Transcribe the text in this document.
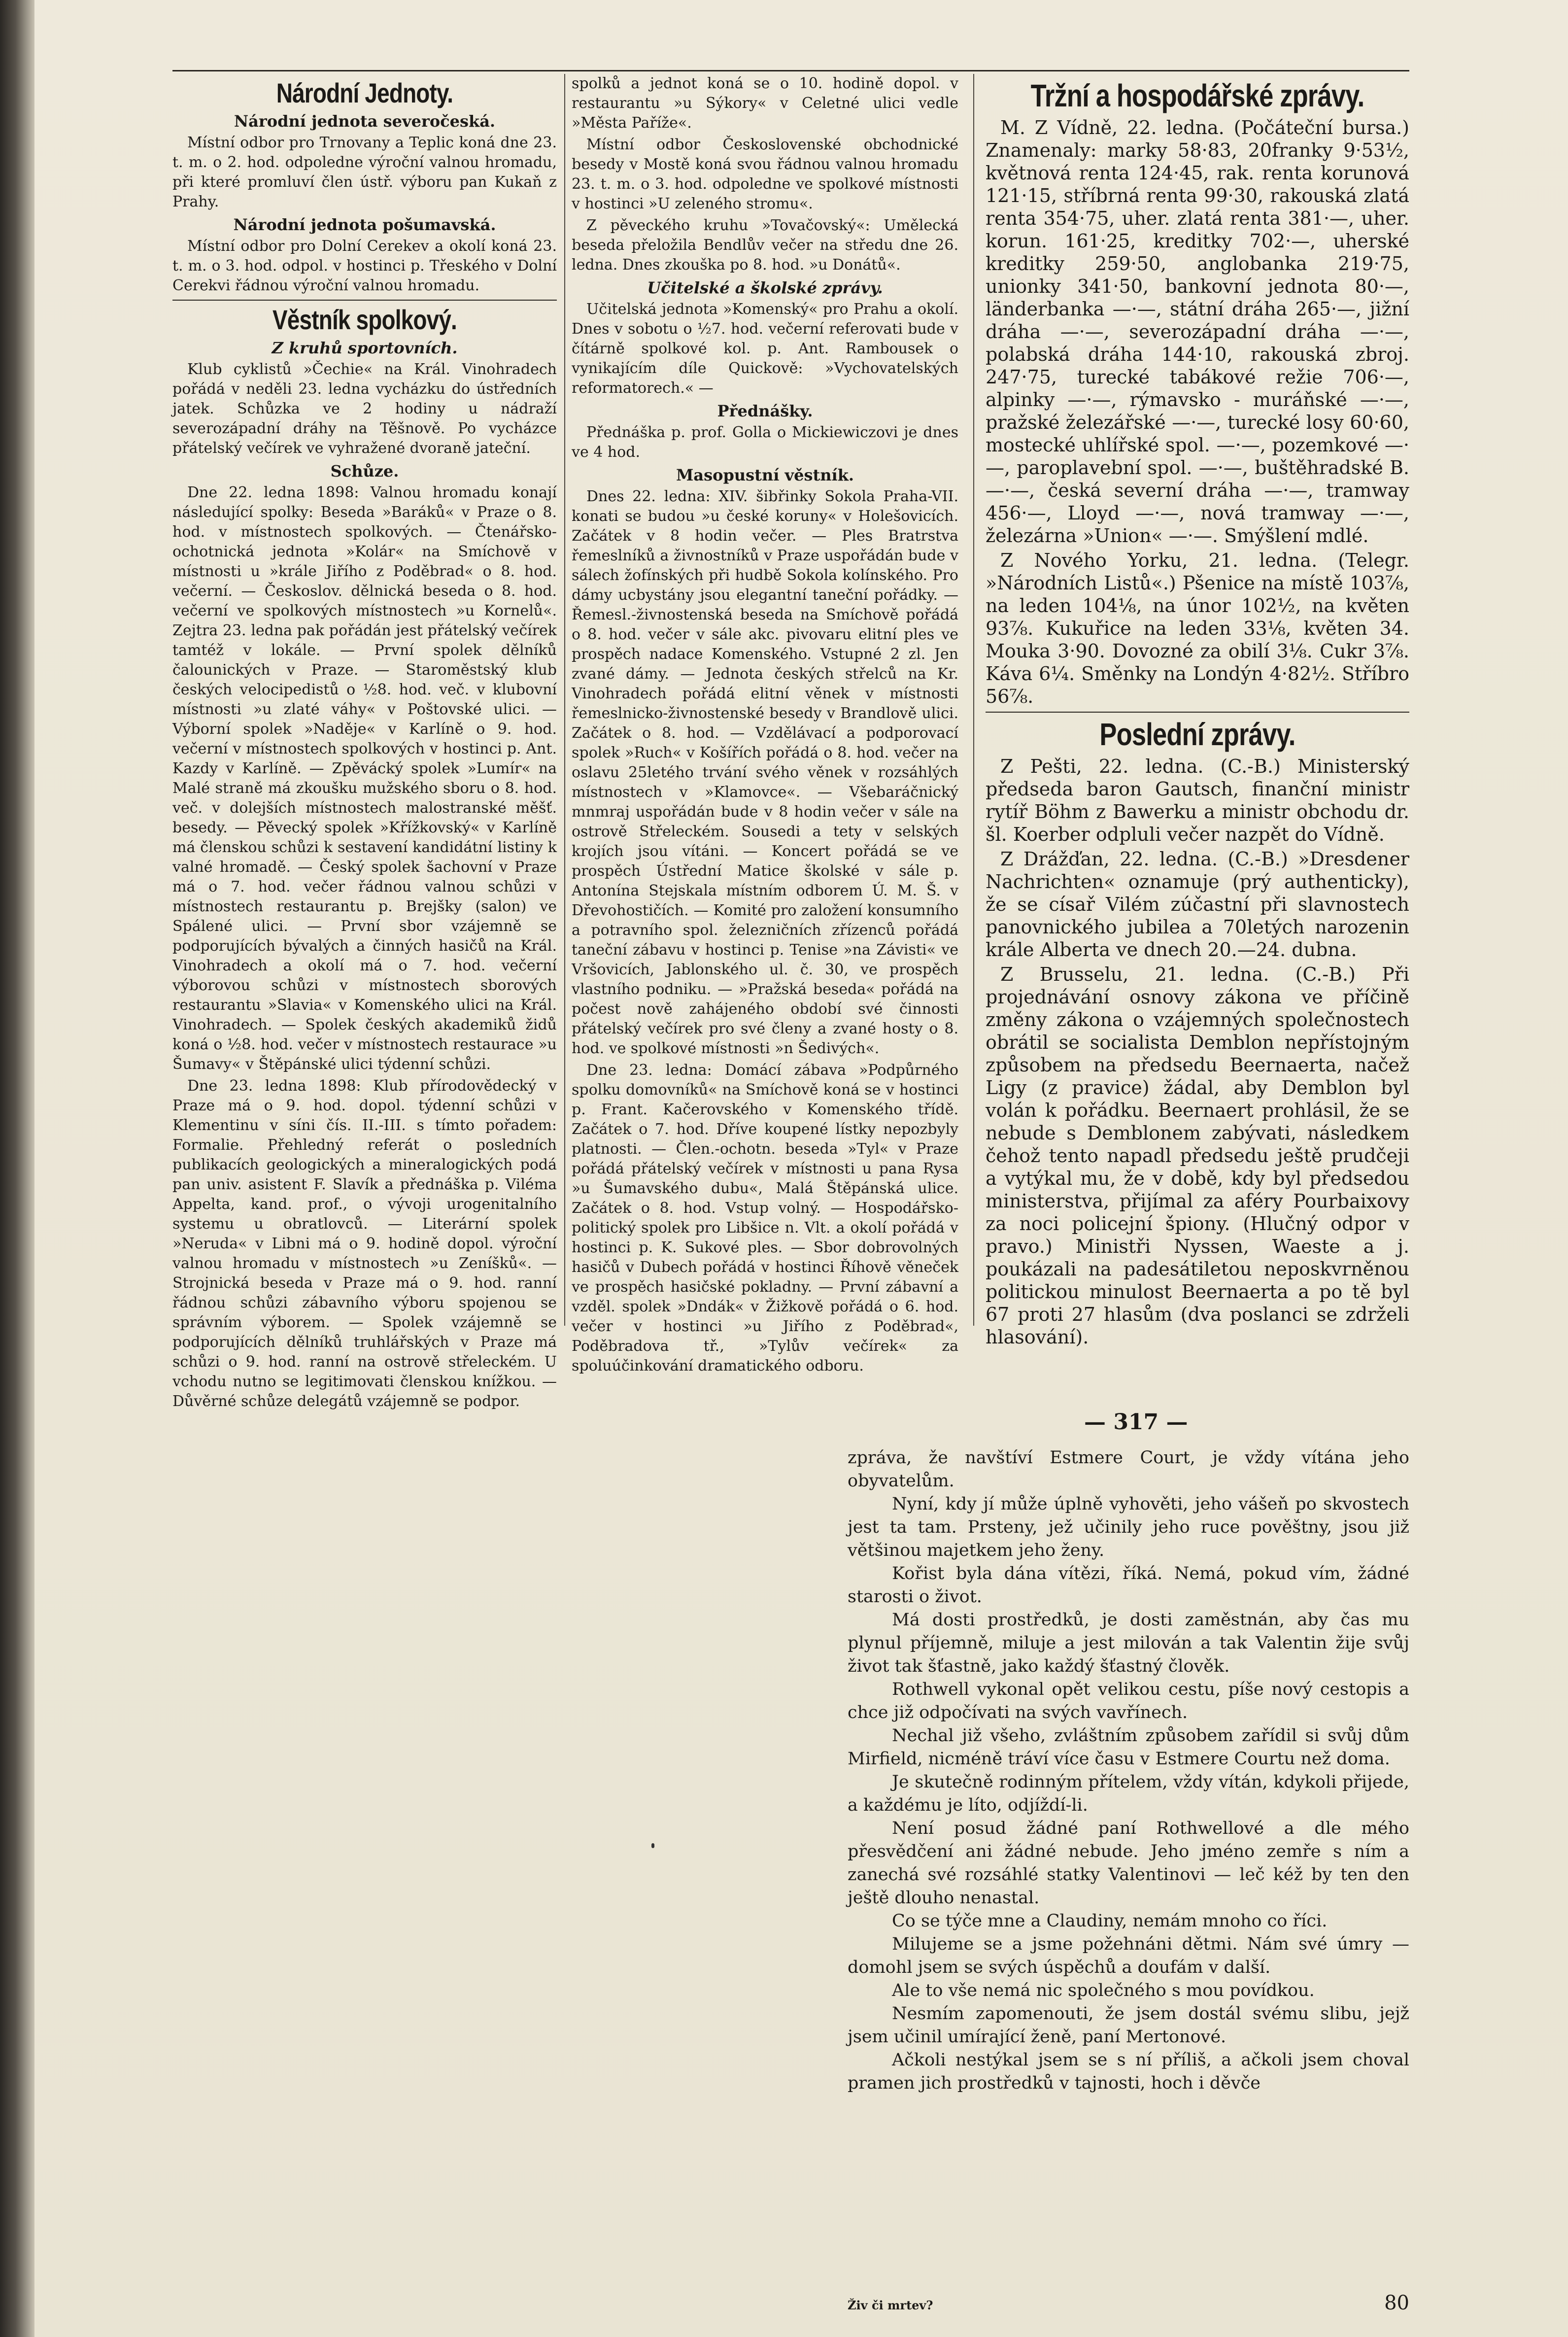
Národní Jednoty.
Národní jednota severočeská.

Místní odbor pro Trnovany a Teplic koná dne 23. t. m. o 2. hod. odpoledne výroční valnou hromadu, při které promluví člen ústř. výboru pan Kukaň z Prahy.

Národní jednota pošumavská.

Místní odbor pro Dolní Cerekev a okolí koná 23. t. m. o 3. hod. odpol. v hostinci p. Třeského v Dolní Cerekvi řádnou výroční valnou hromadu.

Věstník spolkový.
Z kruhů sportovních.

Klub cyklistů »Čechie« na Král. Vinohradech pořádá v neděli 23. ledna vycházku do ústředních jatek. Schůzka ve 2 hodiny u nádraží severozápadní dráhy na Těšnově. Po vycházce přátelský večírek ve vyhražené dvoraně jateční.

Schůze.

Dne 22. ledna 1898: Valnou hromadu konají následující spolky: Beseda »Baráků« v Praze o 8. hod. v místnostech spolkových. — Čtenářsko-ochotnická jednota »Kolár« na Smíchově v místnosti u »krále Jiřího z Poděbrad« o 8. hod. večerní. — Českoslov. dělnická beseda o 8. hod. večerní ve spolkových místnostech »u Kornelů«. Zejtra 23. ledna pak pořádán jest přátelský večírek tamtéž v lokále. — První spolek dělníků čalounických v Praze. — Staroměstský klub českých velocipedistů o ½8. hod. več. v klubovní místnosti »u zlaté váhy« v Poštovské ulici. — Výborní spolek »Naděje« v Karlíně o 9. hod. večerní v místnostech spolkových v hostinci p. Ant. Kazdy v Karlíně. — Zpěvácký spolek »Lumír« na Malé straně má zkoušku mužského sboru o 8. hod. več. v dolejších místnostech malostranské měšť. besedy. — Pěvecký spolek »Křížkovský« v Karlíně má členskou schůzi k sestavení kandidátní listiny k valné hromadě. — Český spolek šachovní v Praze má o 7. hod. večer řádnou valnou schůzi v místnostech restaurantu p. Brejšky (salon) ve Spálené ulici. — První sbor vzájemně se podporujících bývalých a činných hasičů na Král. Vinohradech a okolí má o 7. hod. večerní výborovou schůzi v místnostech sborových restaurantu »Slavia« v Komenského ulici na Král. Vinohradech. — Spolek českých akademiků židů koná o ½8. hod. večer v místnostech restaurace »u Šumavy« v Štěpánské ulici týdenní schůzi.

Dne 23. ledna 1898: Klub přírodovědecký v Praze má o 9. hod. dopol. týdenní schůzi v Klementinu v síni čís. II.-III. s tímto pořadem: Formalie. Přehledný referát o posledních publikacích geologických a mineralogických podá pan univ. asistent F. Slavík a přednáška p. Viléma Appelta, kand. prof., o vývoji urogenitalního systemu u obratlovců. — Literární spolek »Neruda« v Libni má o 9. hodině dopol. výroční valnou hromadu v místnostech »u Zeníšků«. — Strojnická beseda v Praze má o 9. hod. ranní řádnou schůzi zábavního výboru spojenou se správním výborem. — Spolek vzájemně se podporujících dělníků truhlářských v Praze má schůzi o 9. hod. ranní na ostrově střeleckém. U vchodu nutno se legitimovati členskou knížkou. — Důvěrné schůze delegátů vzájemně se podpor.

spolků a jednot koná se o 10. hodině dopol. v restaurantu »u Sýkory« v Celetné ulici vedle »Města Paříže«.

Místní odbor Československé obchodnické besedy v Mostě koná svou řádnou valnou hromadu 23. t. m. o 3. hod. odpoledne ve spolkové místnosti v hostinci »U zeleného stromu«.

Z pěveckého kruhu »Tovačovský«: Umělecká beseda přeložila Bendlův večer na středu dne 26. ledna. Dnes zkouška po 8. hod. »u Donátů«.

Učitelské a školské zprávy.

Učitelská jednota »Komenský« pro Prahu a okolí. Dnes v sobotu o ½7. hod. večerní referovati bude v čítárně spolkové kol. p. Ant. Rambousek o vynikajícím díle Quickově: »Vychovatelských reformatorech.« —

Přednášky.

Přednáška p. prof. Golla o Mickiewiczovi je dnes ve 4 hod.

Masopustní věstník.

Dnes 22. ledna: XIV. šibřinky Sokola Praha-VII. konati se budou »u české koruny« v Holešovicích. Začátek v 8 hodin večer. — Ples Bratrstva řemeslníků a živnostníků v Praze uspořádán bude v sálech žofínských při hudbě Sokola kolínského. Pro dámy ucbystány jsou elegantní taneční pořádky. — Řemesl.-živnostenská beseda na Smíchově pořádá o 8. hod. večer v sále akc. pivovaru elitní ples ve prospěch nadace Komenského. Vstupné 2 zl. Jen zvané dámy. — Jednota českých střelců na Kr. Vinohradech pořádá elitní věnek v místnosti řemeslnicko-živnostenské besedy v Brandlově ulici. Začátek o 8. hod. — Vzdělávací a podporovací spolek »Ruch« v Košířích pořádá o 8. hod. večer na oslavu 25letého trvání svého věnek v rozsáhlých místnostech v »Klamovce«. — Všebaráčnický mnmraj uspořádán bude v 8 hodin večer v sále na ostrově Střeleckém. Sousedi a tety v selských krojích jsou vítáni. — Koncert pořádá se ve prospěch Ústřední Matice školské v sále p. Antonína Stejskala místním odborem Ú. M. Š. v Dřevohostičích. — Komité pro založení konsumního a potravního spol. železničních zřízenců pořádá taneční zábavu v hostinci p. Tenise »na Závisti« ve Vršovicích, Jablonského ul. č. 30, ve prospěch vlastního podniku. — »Pražská beseda« pořádá na počest nově zahájeného období své činnosti přátelský večírek pro své členy a zvané hosty o 8. hod. ve spolkové místnosti »n Šedivých«.

Dne 23. ledna: Domácí zábava »Podpůrného spolku domovníků« na Smíchově koná se v hostinci p. Frant. Kačerovského v Komenského třídě. Začátek o 7. hod. Dříve koupené lístky nepozbyly platnosti. — Člen.-ochotn. beseda »Tyl« v Praze pořádá přátelský večírek v místnosti u pana Rysa »u Šumavského dubu«, Malá Štěpánská ulice. Začátek o 8. hod. Vstup volný. — Hospodářsko-politický spolek pro Libšice n. Vlt. a okolí pořádá v hostinci p. K. Sukové ples. — Sbor dobrovolných hasičů v Dubech pořádá v hostinci Říhově věneček ve prospěch hasičské pokladny. — První zábavní a vzděl. spolek »Dndák« v Žižkově pořádá o 6. hod. večer v hostinci »u Jiřího z Poděbrad«, Poděbradova tř., »Tylův večírek« za spoluúčinkování dramatického odboru.

Tržní a hospodářské zprávy.

M. Z Vídně, 22. ledna. (Počáteční bursa.) Znamenaly: marky 58·83, 20franky 9·53½, květnová renta 124·45, rak. renta korunová 121·15, stříbrná renta 99·30, rakouská zlatá renta 354·75, uher. zlatá renta 381·—, uher. korun. 161·25, kreditky 702·—, uherské kreditky 259·50, anglobanka 219·75, unionky 341·50, bankovní jednota 80·—, länderbanka —·—, státní dráha 265·—, jižní dráha —·—, severozápadní dráha —·—, polabská dráha 144·10, rakouská zbroj. 247·75, turecké tabákové režie 706·—, alpinky —·—, rýmavsko - muráňské —·—, pražské železářské —·—, turecké losy 60·60, mostecké uhlířské spol. —·—, pozemkové —·—, paroplavební spol. —·—, buštěhradské B. —·—, česká severní dráha —·—, tramway 456·—, Lloyd —·—, nová tramway —·—, železárna »Union« —·—. Smýšlení mdlé.

Z Nového Yorku, 21. ledna. (Telegr. »Národních Listů«.) Pšenice na místě 103⅞, na leden 104⅛, na únor 102½, na květen 93⅞. Kukuřice na leden 33⅛, květen 34. Mouka 3·90. Dovozné za obilí 3⅛. Cukr 3⅞. Káva 6¼. Směnky na Londýn 4·82½. Stříbro 56⅞.

Poslední zprávy.

Z Pešti, 22. ledna. (C.-B.) Ministerský předseda baron Gautsch, finanční ministr rytíř Böhm z Bawerku a ministr obchodu dr. šl. Koerber odpluli večer nazpět do Vídně.

Z Drážďan, 22. ledna. (C.-B.) »Dresdener Nachrichten« oznamuje (prý authenticky), že se císař Vilém zúčastní při slavnostech panovnického jubilea a 70letých narozenin krále Alberta ve dnech 20.—24. dubna.

Z Brusselu, 21. ledna. (C.-B.) Při projednávání osnovy zákona ve příčině změny zákona o vzájemných společnostech obrátil se socialista Demblon nepřístojným způsobem na předsedu Beernaerta, načež Ligy (z pravice) žádal, aby Demblon byl volán k pořádku. Beernaert prohlásil, že se nebude s Demblonem zabývati, následkem čehož tento napadl předsedu ještě prudčeji a vytýkal mu, že v době, kdy byl předsedou ministerstva, přijímal za aféry Pourbaixovy za noci policejní špiony. (Hlučný odpor v pravo.) Ministři Nyssen, Waeste a j. poukázali na padesátiletou neposkvrněnou politickou minulost Beernaerta a po tě byl 67 proti 27 hlasům (dva poslanci se zdrželi hlasování).

— 317 —

zpráva, že navštíví Estmere Court, je vždy vítána jeho obyvatelům.

Nyní, kdy jí může úplně vyhověti, jeho vášeň po skvostech jest ta tam. Prsteny, jež učinily jeho ruce pověštny, jsou již většinou majetkem jeho ženy.

Kořist byla dána vítězi, říká. Nemá, pokud vím, žádné starosti o život.

Má dosti prostředků, je dosti zaměstnán, aby čas mu plynul příjemně, miluje a jest milován a tak Valentin žije svůj život tak šťastně, jako každý šťastný člověk.

Rothwell vykonal opět velikou cestu, píše nový cestopis a chce již odpočívati na svých vavřínech.

Nechal již všeho, zvláštním způsobem zařídil si svůj dům Mirfield, nicméně tráví více času v Estmere Courtu než doma.

Je skutečně rodinným přítelem, vždy vítán, kdykoli přijede, a každému je líto, odjíždí-li.

Není posud žádné paní Rothwellové a dle mého přesvědčení ani žádné nebude. Jeho jméno zemře s ním a zanechá své rozsáhlé statky Valentinovi — leč kéž by ten den ještě dlouho nenastal.

Co se týče mne a Claudiny, nemám mnoho co říci.

Milujeme se a jsme požehnáni dětmi. Nám své úmry — domohl jsem se svých úspěchů a doufám v další.

Ale to vše nemá nic společného s mou povídkou.

Nesmím zapomenouti, že jsem dostál svému slibu, jejž jsem učinil umírající ženě, paní Mertonové.

Ačkoli nestýkal jsem se s ní příliš, a ačkoli jsem choval pramen jich prostředků v tajnosti, hoch i děvče

Živ či mrtev?	80
